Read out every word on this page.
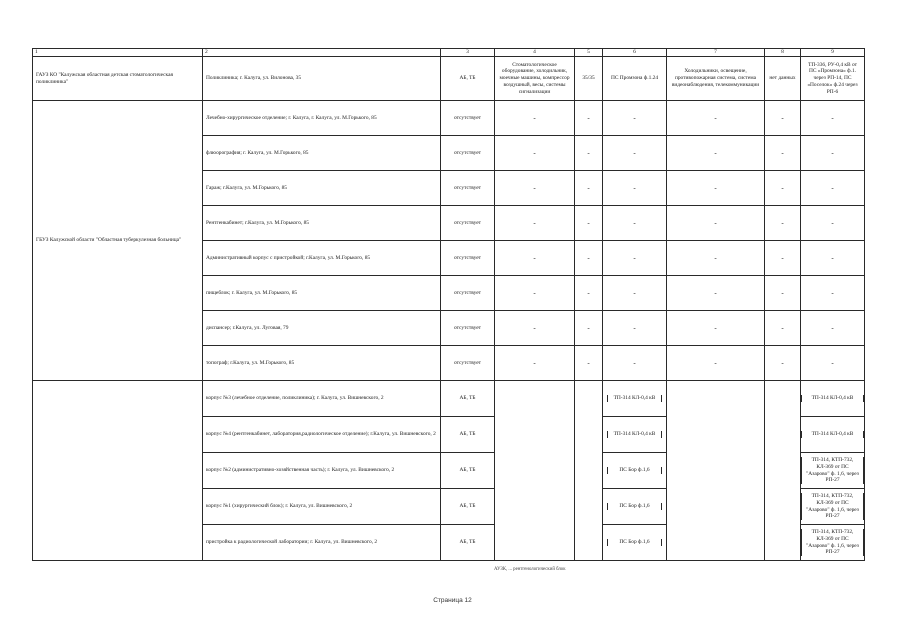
1	2	3	4	5	6	7	8	9
ГАУЗ КО "Калужская областная детская стоматологическая поликлиника"	Поликлиника; г. Калуга, ул. Вилонова, 35	АБ, ТБ	Стоматологическое оборудование, холодильник, моечные машины, компрессор воздушный, весы, системы сигнализации	35/35	ПС Промзона ф.1.24	Холодильники, освещение, противопожарная система, система видеонаблюдения, телекоммуникации	нет данных	ТП-336, РУ-0,4 кВ от ПС «Промзона» ф.1. через РП-14, ПС «Поселок» ф.24 через РП-6
ГБУЗ Калужской области "Областная туберкулезная больница"	Лечебно-хирургическое отделение; г. Калуга, г. Калуга, ул. М.Горького, 85	отсутствует	-	-	-	-	-	-
	флюорография; г. Калуга, ул. М.Горького, 85	отсутствует	-	-	-	-	-	-
	Гараж; г.Калуга, ул. М.Горького, 85	отсутствует	-	-	-	-	-	-
	Рентгенкабинет; г.Калуга, ул. М.Горького, 85	отсутствует	-	-	-	-	-	-
	Административный корпус с пристройкой; г.Калуга, ул. М.Горького, 85	отсутствует	-	-	-	-	-	-
	пищеблок; г. Калуга, ул. М.Горького, 85	отсутствует	-	-	-	-	-	-
	диспансер; г.Калуга, ул. Луговая, 79	отсутствует	-	-	-	-	-	-
	топограф; г.Калуга, ул. М.Горького, 85	отсутствует	-	-	-	-	-	-
	корпус №3 (лечебное отделение, поликлиника); г. Калуга, ул. Вишневского, 2	АБ, ТБ			ТП-314 КЛ-0,4 кВ			ТП-314 КЛ-0,4 кВ

	корпус №4 (рентгенкабинет, лаборатория,радиологическое отделение); г.Калуга, ул. Вишневского, 2	АБ, ТБ			ТП-314 КЛ-0,4 кВ			ТП-314 КЛ-0,4 кВ

	корпус №2 (административно-хозяйственная часть); г. Калуга, ул. Вишневского, 2	АБ, ТБ			ПС Бор ф.1,6			ТП-314, КТП-732, КЛ-369 от ПС "Азарово" ф. 1,6, через РП-27

	корпус №1 (хирургический блок); г. Калуга, ул. Вишневского, 2	АБ, ТБ			ПС Бор ф.1,6			ТП-314, КТП-732, КЛ-369 от ПС "Азарово" ф. 1,6, через РП-27

	пристройка к радиологической лаборатории; г. Калуга, ул. Вишневского, 2	АБ, ТБ			ПС Бор ф.1,6			ТП-314, КТП-732, КЛ-369 от ПС "Азарово" ф. 1,6, через РП-27
АУЗК, ... рентгенологический блок
Страница 12
